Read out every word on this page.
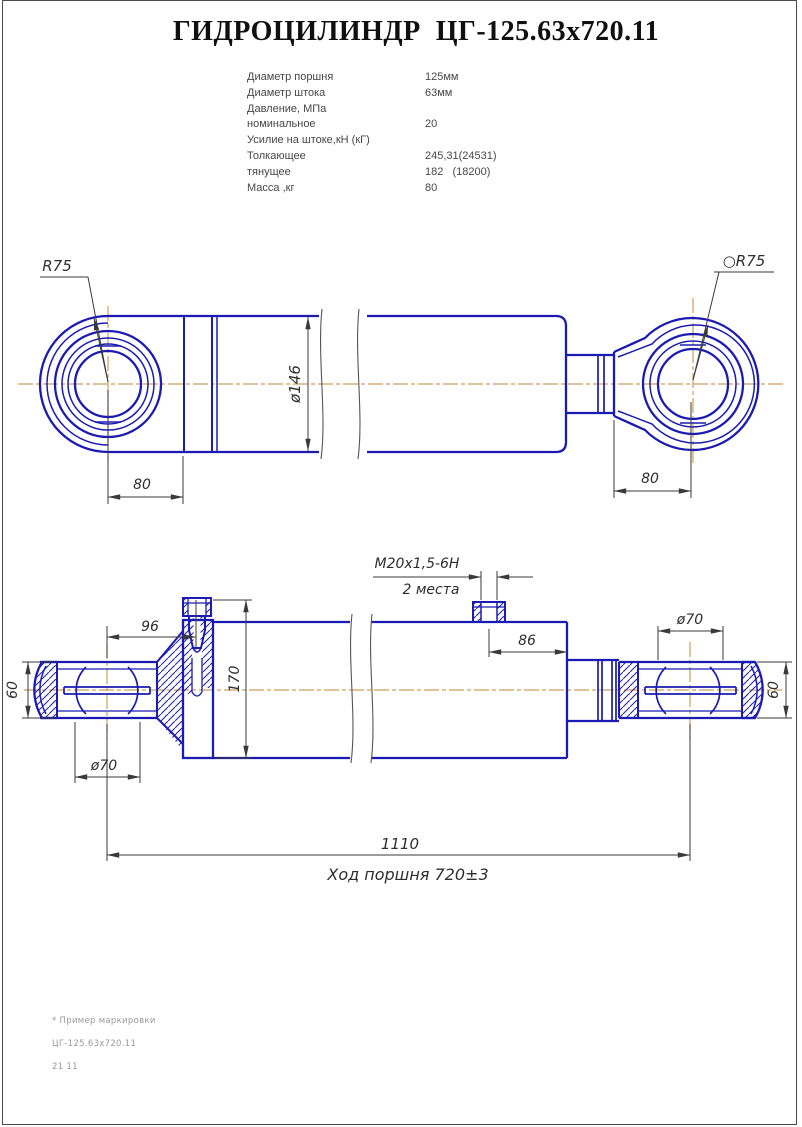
R75	○R75
ø146
80	80
96
170
М20х1,5-6Н
2 места
86
ø70
ø70
60	60
1110
Ход поршня 720±3
ГИДРОЦИЛИНДР  ЦГ-125.63х720.11
Диаметр поршня	125мм
Диаметр штока	63мм
Давление, МПа
номинальное	20
Усилие на штоке,кН (кГ)
Толкающее	245,31(24531)
тянущее	182   (18200)
Масса ,кг	80
* Пример маркировки
ЦГ-125.63х720.11
21 11
